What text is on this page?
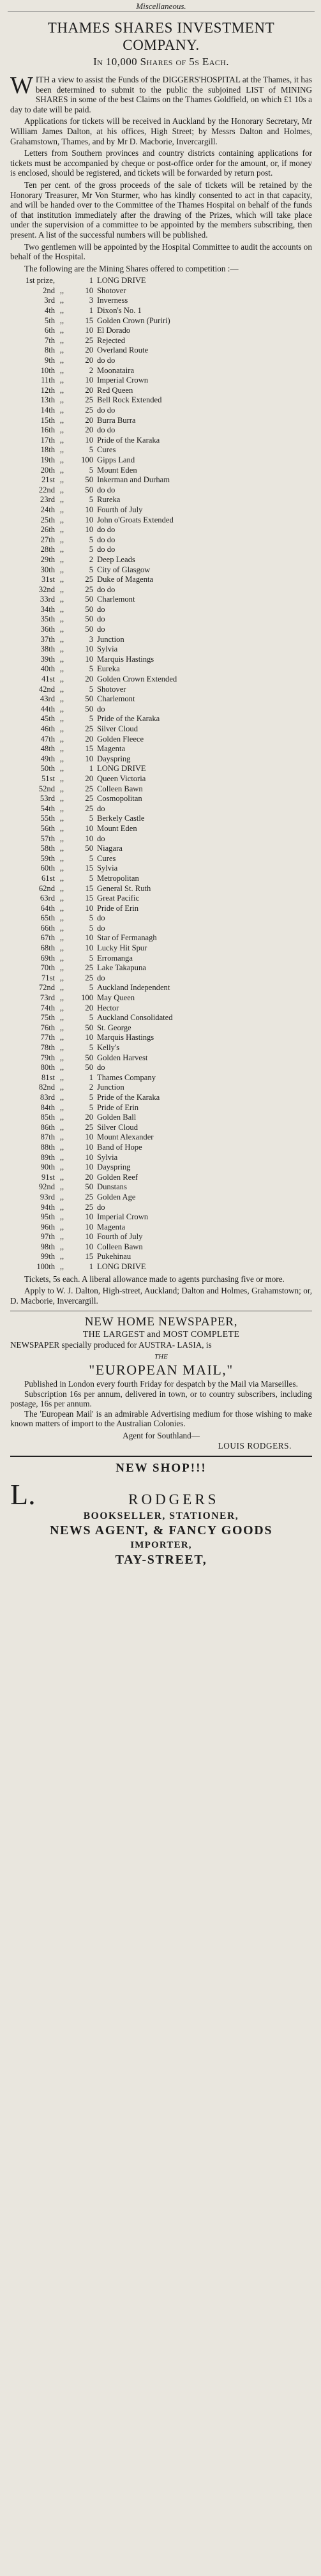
Miscellaneous.
THAMES SHARES INVESTMENT
COMPANY.
In 10,000 Shares of 5s Each.

WITH a view to assist the Funds of the DIGGERS'HOSPITAL at the Thames, it has been determined to submit to the public the subjoined LIST of MINING SHARES in some of the best Claims on the Thames Goldfield, on which £1 10s a day to date will be paid.

Applications for tickets will be received in Auckland by the Honorary Secretary, Mr William James Dalton, at his offices, High Street; by Messrs Dalton and Holmes, Grahamstown, Thames, and by Mr D. Macborie, Invercargill.

Letters from Southern provinces and country districts containing applications for tickets must be accompanied by cheque or post-office order for the amount, or, if money is enclosed, should be registered, and tickets will be forwarded by return post.

Ten per cent. of the gross proceeds of the sale of tickets will be retained by the Honorary Treasurer, Mr Von Sturmer, who has kindly consented to act in that capacity, and will be handed over to the Committee of the Thames Hospital on behalf of the funds of that institution immediately after the drawing of the Prizes, which will take place under the supervision of a committee to be appointed by the members subscribing, then present. A list of the successful numbers will be published.

Two gentlemen will be appointed by the Hospital Committee to audit the accounts on behalf of the Hospital.

The following are the Mining Shares offered to competition :—

1st prize,	1 LONG DRIVE
2nd ,,	10 Shotover
3rd ,,	3 Inverness
4th ,,	1 Dixon's No. 1
5th ,,	15 Golden Crown (Puriri)
6th ,,	10 El Dorado
7th ,,	25 Rejected
8th ,,	20 Overland Route
9th ,,	20 do do
10th ,,	2 Moonataira
11th ,,	10 Imperial Crown
12th ,,	20 Red Queen
13th ,,	25 Bell Rock Extended
14th ,,	25 do do
15th ,,	20 Burra Burra
16th ,,	20 do do
17th ,,	10 Pride of the Karaka
18th ,,	5 Cures
19th ,,	100 Gipps Land
20th ,,	5 Mount Eden
21st ,,	50 Inkerman and Durham
22nd ,,	50 do do
23rd ,,	5 Rureka
24th ,,	10 Fourth of July
25th ,,	10 John o'Groats Extended
26th ,,	10 do do
27th ,,	5 do do
28th ,,	5 do do
29th ,,	2 Deep Leads
30th ,,	5 City of Glasgow
31st ,,	25 Duke of Magenta
32nd ,,	25 do do
33rd ,,	50 Charlemont
34th ,,	50 do
35th ,,	50 do
36th ,,	50 do
37th ,,	3 Junction
38th ,,	10 Sylvia
39th ,,	10 Marquis Hastings
40th ,,	5 Eureka
41st ,,	20 Golden Crown Extended
42nd ,,	5 Shotover
43rd ,,	50 Charlemont
44th ,,	50 do
45th ,,	5 Pride of the Karaka
46th ,,	25 Silver Cloud
47th ,,	20 Golden Fleece
48th ,,	15 Magenta
49th ,,	10 Dayspring
50th ,,	1 LONG DRIVE
51st ,,	20 Queen Victoria
52nd ,,	25 Colleen Bawn
53rd ,,	25 Cosmopolitan
54th ,,	25 do
55th ,,	5 Berkely Castle
56th ,,	10 Mount Eden
57th ,,	10 do
58th ,,	50 Niagara
59th ,,	5 Cures
60th ,,	15 Sylvia
61st ,,	5 Metropolitan
62nd ,,	15 General St. Ruth
63rd ,,	15 Great Pacific
64th ,,	10 Pride of Erin
65th ,,	5 do
66th ,,	5 do
67th ,,	10 Star of Fermanagh
68th ,,	10 Lucky Hit Spur
69th ,,	5 Erromanga
70th ,,	25 Lake Takapuna
71st ,,	25 do
72nd ,,	5 Auckland Independent
73rd ,,	100 May Queen
74th ,,	20 Hector
75th ,,	5 Auckland Consolidated
76th ,,	50 St. George
77th ,,	10 Marquis Hastings
78th ,,	5 Kelly's
79th ,,	50 Golden Harvest
80th ,,	50 do
81st ,,	1 Thames Company
82nd ,,	2 Junction
83rd ,,	5 Pride of the Karaka
84th ,,	5 Pride of Erin
85th ,,	20 Golden Ball
86th ,,	25 Silver Cloud
87th ,,	10 Mount Alexander
88th ,,	10 Band of Hope
89th ,,	10 Sylvia
90th ,,	10 Dayspring
91st ,,	20 Golden Reef
92nd ,,	50 Dunstans
93rd ,,	25 Golden Age
94th ,,	25 do
95th ,,	10 Imperial Crown
96th ,,	10 Magenta
97th ,,	10 Fourth of July
98th ,,	10 Colleen Bawn
99th ,,	15 Pukehinau
100th ,,	1 LONG DRIVE

Tickets, 5s each. A liberal allowance made to agents purchasing five or more.

Apply to W. J. Dalton, High-street, Auckland; Dalton and Holmes, Grahamstown; or, D. Macborie, Invercargill.

NEW HOME NEWSPAPER,
THE LARGEST and MOST COMPLETE

NEWSPAPER specially produced for AUSTRA- LASIA, is

THE
"EUROPEAN MAIL,"

Published in London every fourth Friday for despatch by the Mail via Marseilles.

Subscription 16s per annum, delivered in town, or to country subscribers, including postage, 16s per annum.

The 'European Mail' is an admirable Advertising medium for those wishing to make known matters of import to the Australian Colonies.

Agent for Southland—
LOUIS RODGERS.
NEW SHOP!!!
L.	RODGERS
BOOKSELLER, STATIONER,
NEWS AGENT, & FANCY GOODS
IMPORTER,
TAY-STREET,
